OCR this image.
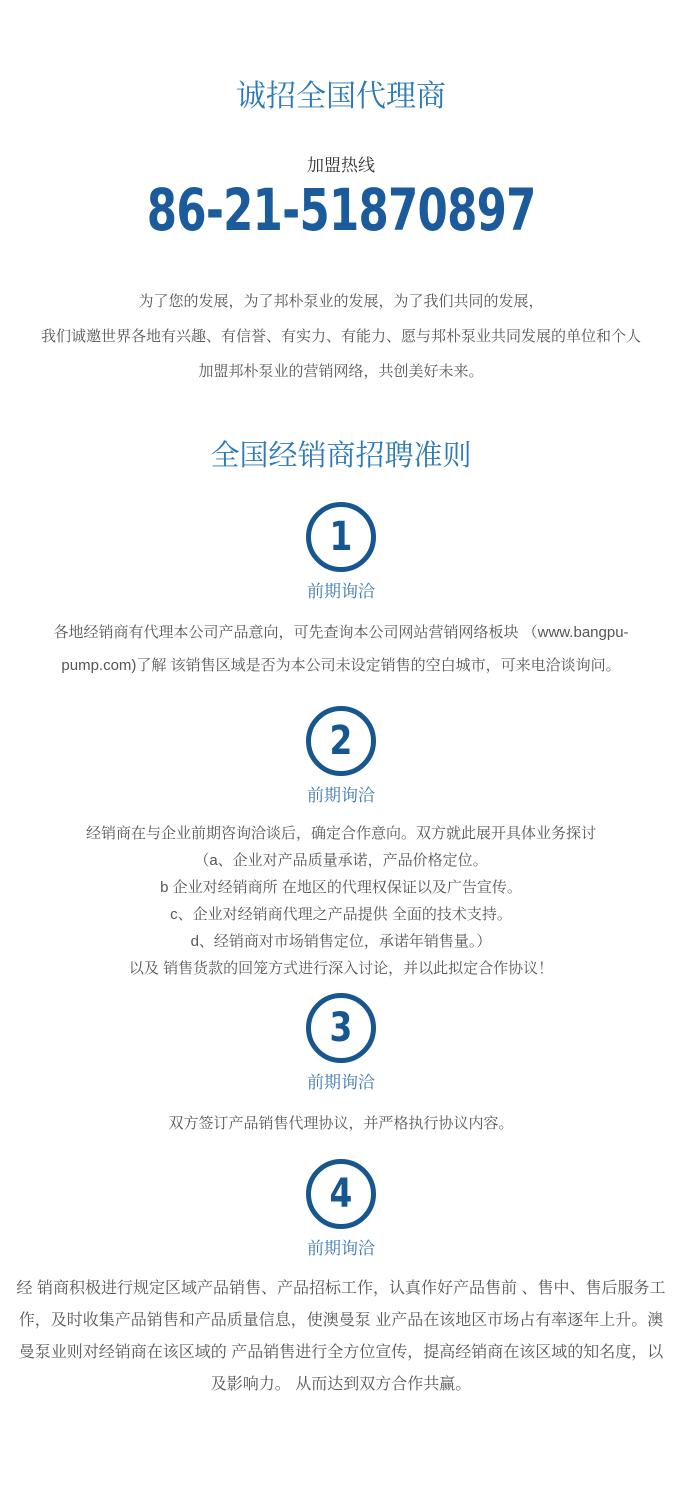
诚招全国代理商
加盟热线
86-21-51870897
为了您的发展，为了邦朴泵业的发展，为了我们共同的发展，
我们诚邀世界各地有兴趣、有信誉、有实力、有能力、愿与邦朴泵业共同发展的单位和个人
加盟邦朴泵业的营销网络，共创美好未来。
全国经销商招聘准则
1
前期询洽
各地经销商有代理本公司产品意向，可先查询本公司网站营销网络板块 （www.bangpu-
pump.com)了解 该销售区域是否为本公司未设定销售的空白城市，可来电洽谈询问。
2
前期询洽
经销商在与企业前期咨询洽谈后，确定合作意向。双方就此展开具体业务探讨
（a、企业对产品质量承诺，产品价格定位。
b 企业对经销商所 在地区的代理权保证以及广告宣传。
c、企业对经销商代理之产品提供 全面的技术支持。
d、经销商对市场销售定位，承诺年销售量。）
以及 销售货款的回笼方式进行深入讨论，并以此拟定合作协议！
3
前期询洽
双方签订产品销售代理协议，并严格执行协议内容。
4
前期询洽
经 销商积极进行规定区域产品销售、产品招标工作，认真作好产品售前 、售中、售后服务工
作，及时收集产品销售和产品质量信息，使澳曼泵 业产品在该地区市场占有率逐年上升。澳
曼泵业则对经销商在该区域的 产品销售进行全方位宣传，提高经销商在该区域的知名度，以
及影响力。 从而达到双方合作共赢。
